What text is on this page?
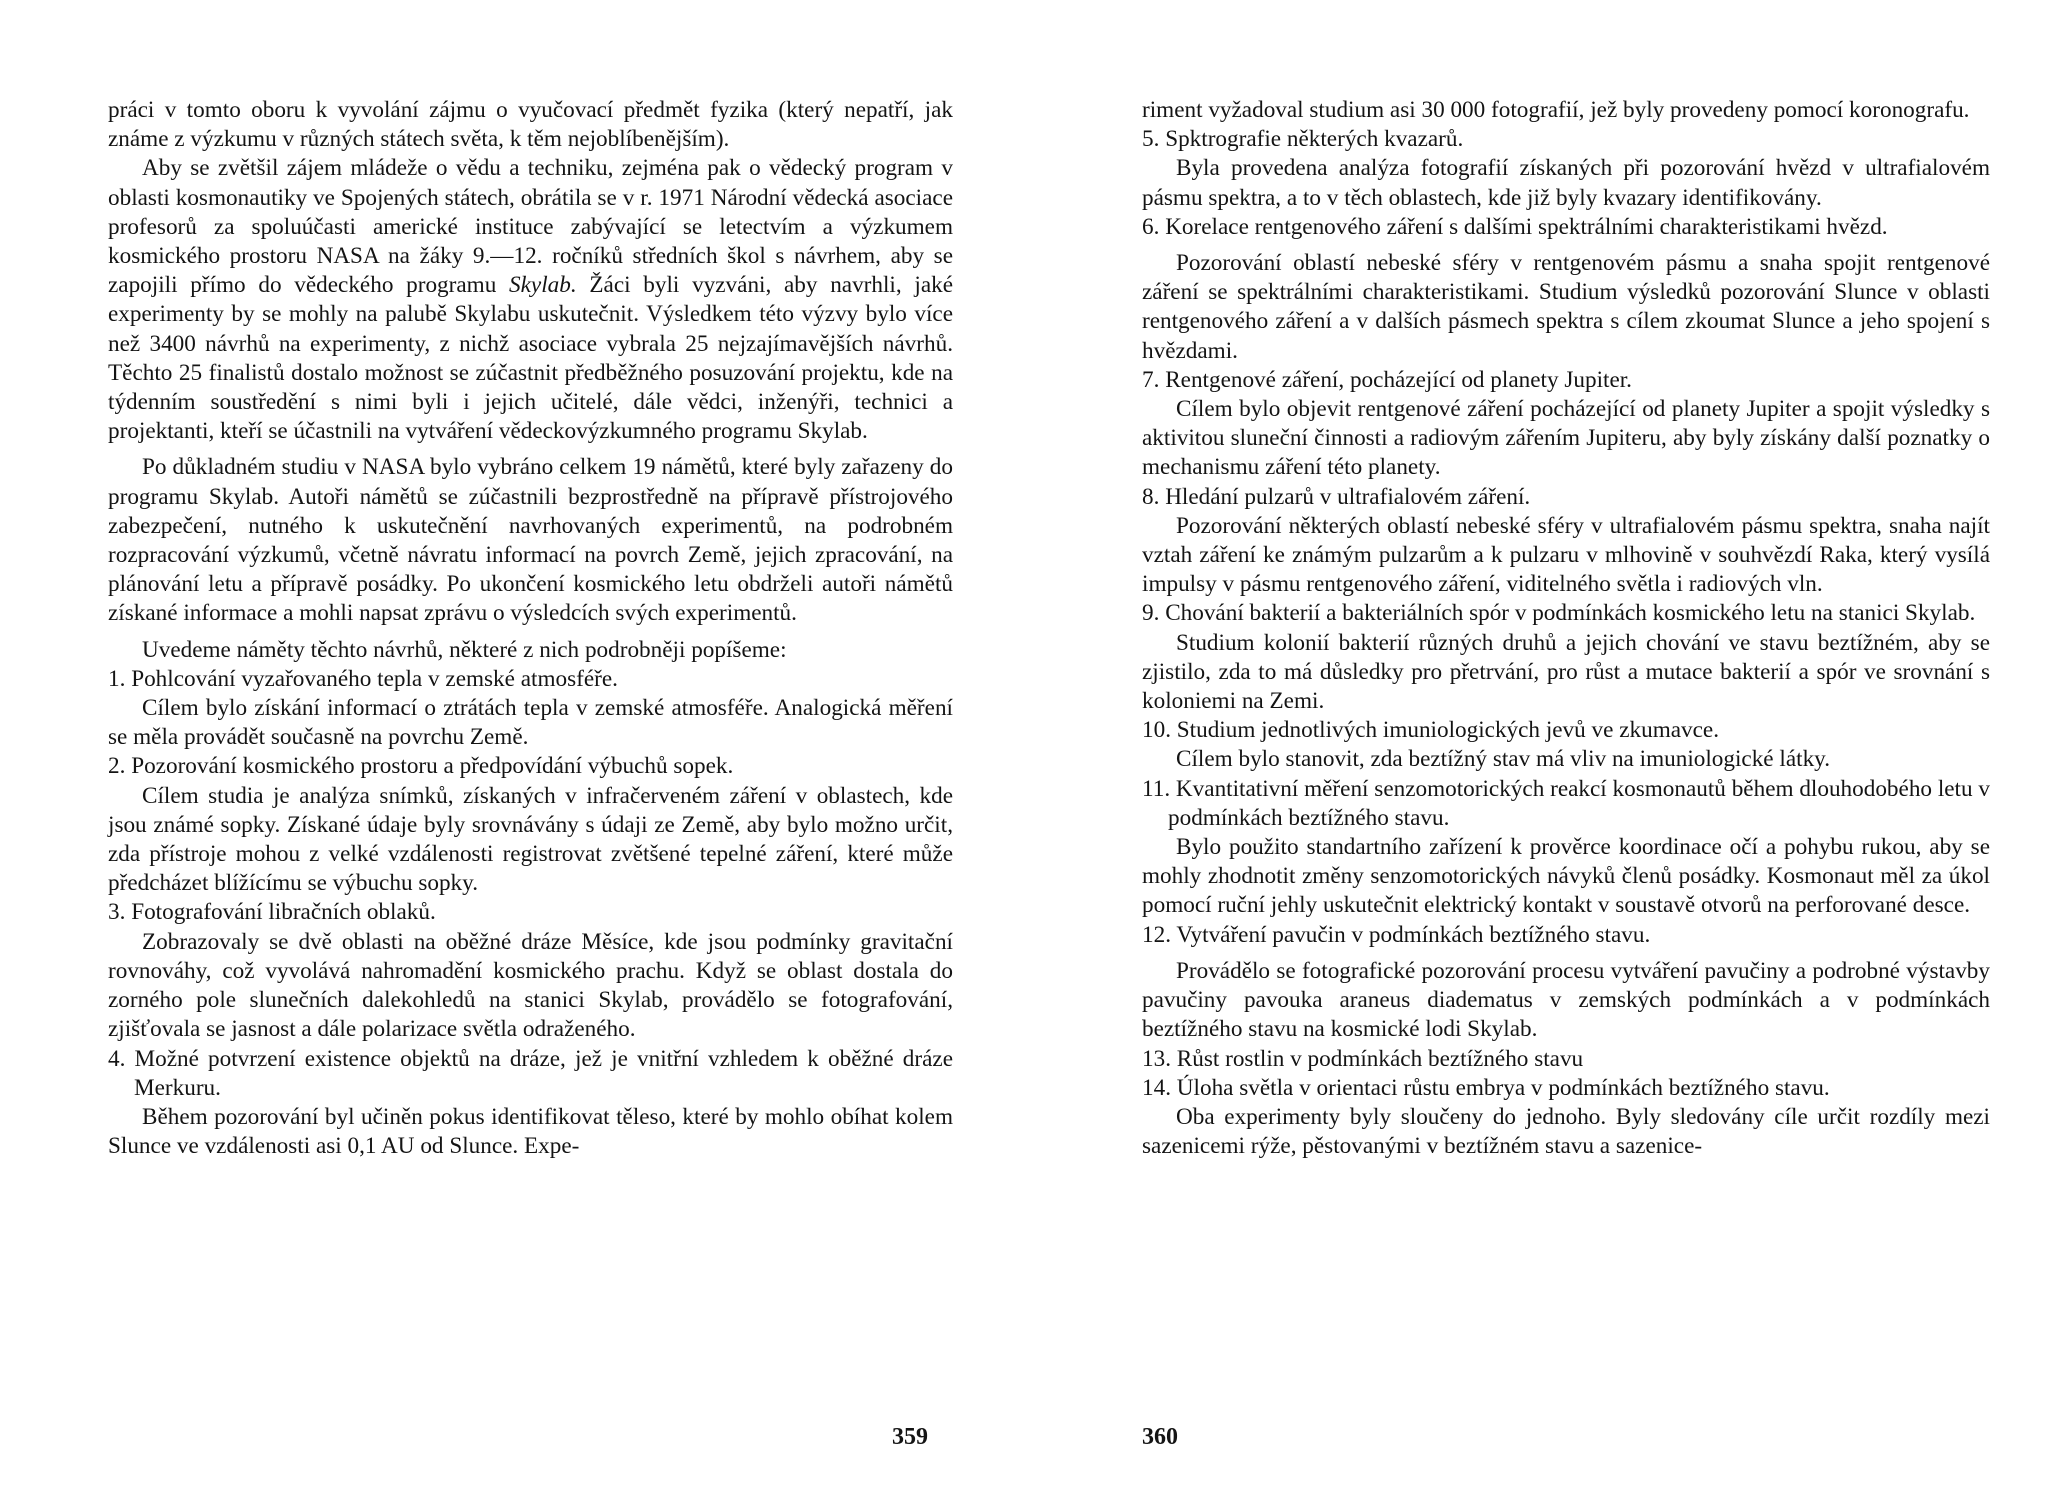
práci v tomto oboru k vyvolání zájmu o vyučovací předmět fyzika (který nepatří, jak známe z výzkumu v různých státech světa, k těm nejoblíbenějším).

Aby se zvětšil zájem mládeže o vědu a techniku, zejména pak o vědecký program v oblasti kosmonautiky ve Spojených státech, obrátila se v r. 1971 Národní vědecká asociace profesorů za spoluúčasti americké instituce zabývající se letectvím a výzkumem kosmického prostoru NASA na žáky 9.—12. ročníků středních škol s návrhem, aby se zapojili přímo do vědeckého programu Skylab. Žáci byli vyzváni, aby navrhli, jaké experimenty by se mohly na palubě Skylabu uskutečnit. Výsledkem této výzvy bylo více než 3400 návrhů na experimenty, z nichž asociace vybrala 25 nejzajímavějších návrhů. Těchto 25 finalistů dostalo možnost se zúčastnit předběžného posuzování projektu, kde na týdenním soustředění s nimi byli i jejich učitelé, dále vědci, inženýři, technici a projektanti, kteří se účastnili na vytváření vědeckovýzkumného programu Skylab.

Po důkladném studiu v NASA bylo vybráno celkem 19 námětů, které byly zařazeny do programu Skylab. Autoři námětů se zúčastnili bezprostředně na přípravě přístrojového zabezpečení, nutného k uskutečnění navrhovaných experimentů, na podrobném rozpracování výzkumů, včetně návratu informací na povrch Země, jejich zpracování, na plánování letu a přípravě posádky. Po ukončení kosmického letu obdrželi autoři námětů získané informace a mohli napsat zprávu o výsledcích svých experimentů.

Uvedeme náměty těchto návrhů, některé z nich podrobněji popíšeme:

1. Pohlcování vyzařovaného tepla v zemské atmosféře.

Cílem bylo získání informací o ztrátách tepla v zemské atmosféře. Analogická měření se měla provádět současně na povrchu Země.

2. Pozorování kosmického prostoru a předpovídání výbuchů sopek.

Cílem studia je analýza snímků, získaných v infračerveném záření v oblastech, kde jsou známé sopky. Získané údaje byly srovnávány s údaji ze Země, aby bylo možno určit, zda přístroje mohou z velké vzdálenosti registrovat zvětšené tepelné záření, které může předcházet blížícímu se výbuchu sopky.

3. Fotografování libračních oblaků.

Zobrazovaly se dvě oblasti na oběžné dráze Měsíce, kde jsou podmínky gravitační rovnováhy, což vyvolává nahromadění kosmického prachu. Když se oblast dostala do zorného pole slunečních dalekohledů na stanici Skylab, provádělo se fotografování, zjišťovala se jasnost a dále polarizace světla odraženého.

4. Možné potvrzení existence objektů na dráze, jež je vnitřní vzhledem k oběžné dráze Merkuru.

Během pozorování byl učiněn pokus identifikovat těleso, které by mohlo obíhat kolem Slunce ve vzdálenosti asi 0,1 AU od Slunce. Expe-

359

riment vyžadoval studium asi 30 000 fotografií, jež byly provedeny pomocí koronografu.

5. Spktrografie některých kvazarů.

Byla provedena analýza fotografií získaných při pozorování hvězd v ultrafialovém pásmu spektra, a to v těch oblastech, kde již byly kvazary identifikovány.

6. Korelace rentgenového záření s dalšími spektrálními charakteristikami hvězd.

Pozorování oblastí nebeské sféry v rentgenovém pásmu a snaha spojit rentgenové záření se spektrálními charakteristikami. Studium výsledků pozorování Slunce v oblasti rentgenového záření a v dalších pásmech spektra s cílem zkoumat Slunce a jeho spojení s hvězdami.

7. Rentgenové záření, pocházející od planety Jupiter.

Cílem bylo objevit rentgenové záření pocházející od planety Jupiter a spojit výsledky s aktivitou sluneční činnosti a radiovým zářením Jupiteru, aby byly získány další poznatky o mechanismu záření této planety.

8. Hledání pulzarů v ultrafialovém záření.

Pozorování některých oblastí nebeské sféry v ultrafialovém pásmu spektra, snaha najít vztah záření ke známým pulzarům a k pulzaru v mlhovině v souhvězdí Raka, který vysílá impulsy v pásmu rentgenového záření, viditelného světla i radiových vln.

9. Chování bakterií a bakteriálních spór v podmínkách kosmického letu na stanici Skylab.

Studium kolonií bakterií různých druhů a jejich chování ve stavu beztížném, aby se zjistilo, zda to má důsledky pro přetrvání, pro růst a mutace bakterií a spór ve srovnání s koloniemi na Zemi.

10. Studium jednotlivých imuniologických jevů ve zkumavce.

Cílem bylo stanovit, zda beztížný stav má vliv na imuniologické látky.

11. Kvantitativní měření senzomotorických reakcí kosmonautů během dlouhodobého letu v podmínkách beztížného stavu.

Bylo použito standartního zařízení k prověrce koordinace očí a pohybu rukou, aby se mohly zhodnotit změny senzomotorických návyků členů posádky. Kosmonaut měl za úkol pomocí ruční jehly uskutečnit elektrický kontakt v soustavě otvorů na perforované desce.

12. Vytváření pavučin v podmínkách beztížného stavu.

Provádělo se fotografické pozorování procesu vytváření pavučiny a podrobné výstavby pavučiny pavouka araneus diadematus v zemských podmínkách a v podmínkách beztížného stavu na kosmické lodi Skylab.

13. Růst rostlin v podmínkách beztížného stavu

14. Úloha světla v orientaci růstu embrya v podmínkách beztížného stavu.

Oba experimenty byly sloučeny do jednoho. Byly sledovány cíle určit rozdíly mezi sazenicemi rýže, pěstovanými v beztížném stavu a sazenice-

360
